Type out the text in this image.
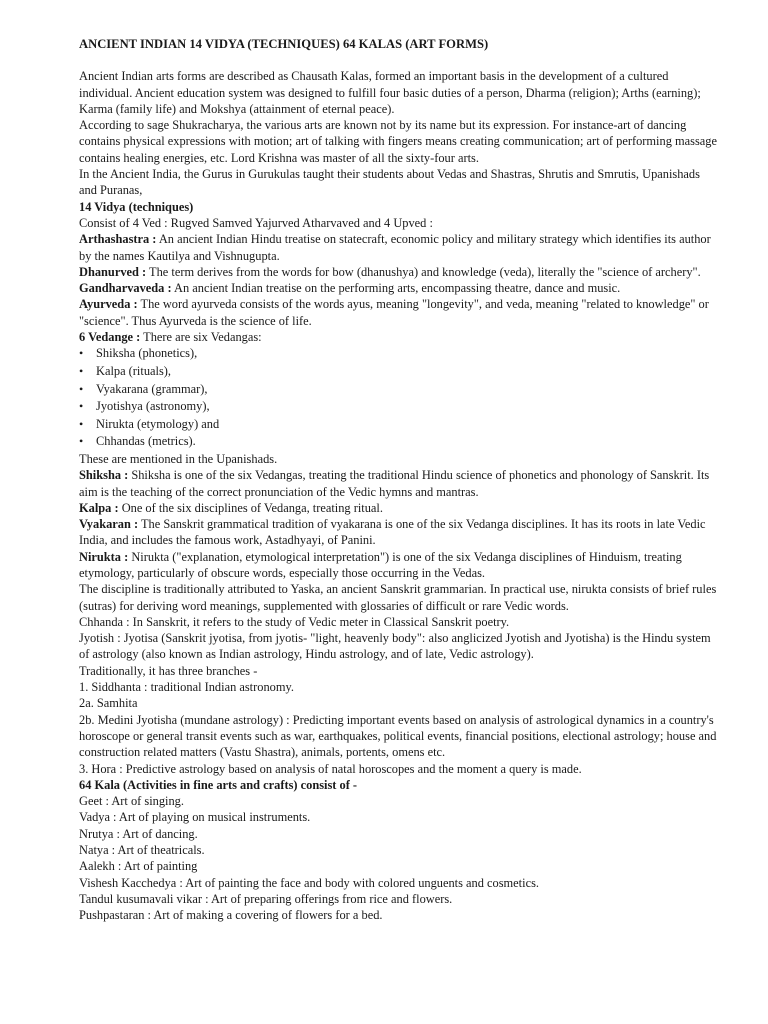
ANCIENT INDIAN 14 VIDYA (TECHNIQUES) 64 KALAS (ART FORMS)

Ancient Indian arts forms are described as Chausath Kalas, formed an important basis in the development of a cultured individual. Ancient education system was designed to fulfill four basic duties of a person, Dharma (religion); Arths (earning); Karma (family life) and Mokshya (attainment of eternal peace).

According to sage Shukracharya, the various arts are known not by its name but its expression. For instance-art of dancing contains physical expressions with motion; art of talking with fingers means creating communication; art of performing massage contains healing energies, etc. Lord Krishna was master of all the sixty-four arts.

In the Ancient India, the Gurus in Gurukulas taught their students about Vedas and Shastras, Shrutis and Smrutis, Upanishads and Puranas,

14 Vidya (techniques)

Consist of 4 Ved : Rugved Samved Yajurved Atharvaved and 4 Upved :

Arthashastra : An ancient Indian Hindu treatise on statecraft, economic policy and military strategy which identifies its author by the names Kautilya and Vishnugupta.

Dhanurved : The term derives from the words for bow (dhanushya) and knowledge (veda), literally the "science of archery".

Gandharvaveda : An ancient Indian treatise on the performing arts, encompassing theatre, dance and music.

Ayurveda : The word ayurveda consists of the words ayus, meaning "longevity", and veda, meaning "related to knowledge" or "science". Thus Ayurveda is the science of life.

6 Vedange : There are six Vedangas:

• Shiksha (phonetics),
• Kalpa (rituals),
• Vyakarana (grammar),
• Jyotishya (astronomy),
• Nirukta (etymology) and
• Chhandas (metrics).

These are mentioned in the Upanishads.

Shiksha : Shiksha is one of the six Vedangas, treating the traditional Hindu science of phonetics and phonology of Sanskrit. Its aim is the teaching of the correct pronunciation of the Vedic hymns and mantras.

Kalpa : One of the six disciplines of Vedanga, treating ritual.

Vyakaran : The Sanskrit grammatical tradition of vyakarana is one of the six Vedanga disciplines. It has its roots in late Vedic India, and includes the famous work, Astadhyayi, of Panini.

Nirukta : Nirukta ("explanation, etymological interpretation") is one of the six Vedanga disciplines of Hinduism, treating etymology, particularly of obscure words, especially those occurring in the Vedas.

The discipline is traditionally attributed to Yaska, an ancient Sanskrit grammarian. In practical use, nirukta consists of brief rules (sutras) for deriving word meanings, supplemented with glossaries of difficult or rare Vedic words.

Chhanda : In Sanskrit, it refers to the study of Vedic meter in Classical Sanskrit poetry.

Jyotish : Jyotisa (Sanskrit jyotisa, from jyotis- "light, heavenly body": also anglicized Jyotish and Jyotisha) is the Hindu system of astrology (also known as Indian astrology, Hindu astrology, and of late, Vedic astrology).

Traditionally, it has three branches -

1. Siddhanta : traditional Indian astronomy.

2a. Samhita

2b. Medini Jyotisha (mundane astrology) : Predicting important events based on analysis of astrological dynamics in a country's horoscope or general transit events such as war, earthquakes, political events, financial positions, electional astrology; house and construction related matters (Vastu Shastra), animals, portents, omens etc.

3. Hora : Predictive astrology based on analysis of natal horoscopes and the moment a query is made.

64 Kala (Activities in fine arts and crafts) consist of -

Geet : Art of singing.

Vadya : Art of playing on musical instruments.

Nrutya : Art of dancing.

Natya : Art of theatricals.

Aalekh : Art of painting

Vishesh Kacchedya : Art of painting the face and body with colored unguents and cosmetics.

Tandul kusumavali vikar : Art of preparing offerings from rice and flowers.

Pushpastaran : Art of making a covering of flowers for a bed.
